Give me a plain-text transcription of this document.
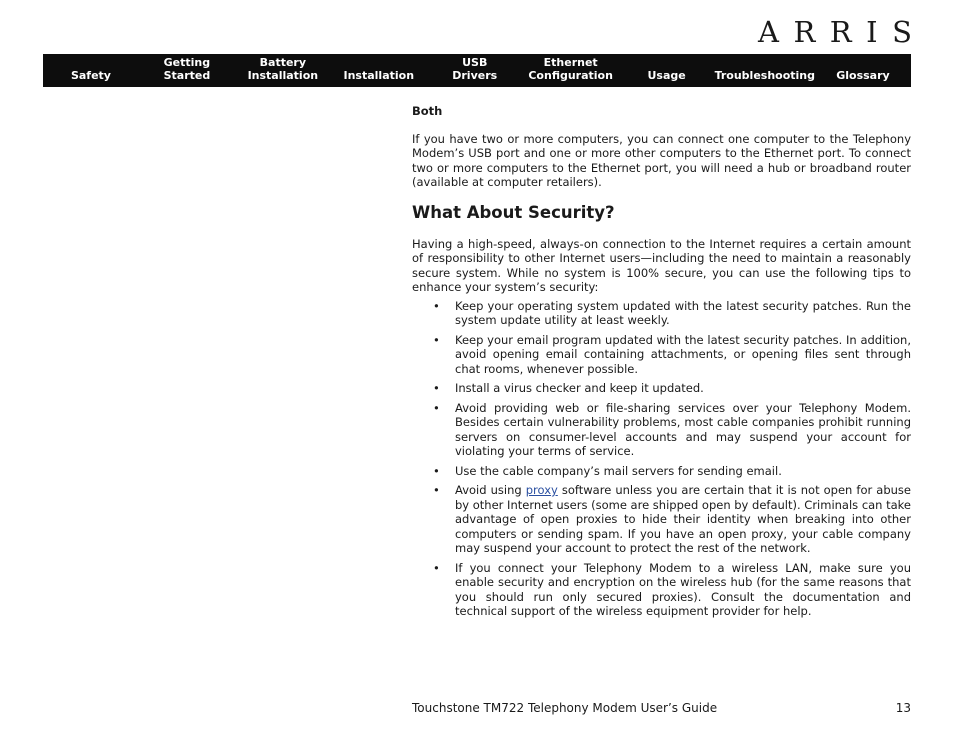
ARRIS
Safety
Getting
Started
Battery
Installation	Installation
USB
Drivers
Ethernet
Configuration	Usage	Troubleshooting	Glossary

Both

If you have two or more computers, you can connect one computer to the Telephony Modem’s USB port and one or more other computers to the Ethernet port. To connect two or more computers to the Ethernet port, you will need a hub or broadband router (available at computer retailers).

What About Security?

Having a high-speed, always-on connection to the Internet requires a certain amount of responsibility to other Internet users—including the need to maintain a reasonably secure system. While no system is 100% secure, you can use the following tips to enhance your system’s security:

• Keep your operating system updated with the latest security patches. Run the system update utility at least weekly.
• Keep your email program updated with the latest security patches. In addition, avoid opening email containing attachments, or opening files sent through chat rooms, whenever possible.
• Install a virus checker and keep it updated.
• Avoid providing web or file-sharing services over your Telephony Modem. Besides certain vulnerability problems, most cable companies prohibit running servers on consumer-level accounts and may suspend your account for violating your terms of service.
• Use the cable company’s mail servers for sending email.
• Avoid using proxy software unless you are certain that it is not open for abuse by other Internet users (some are shipped open by default). Criminals can take advantage of open proxies to hide their identity when breaking into other computers or sending spam. If you have an open proxy, your cable company may suspend your account to protect the rest of the network.
• If you connect your Telephony Modem to a wireless LAN, make sure you enable security and encryption on the wireless hub (for the same reasons that you should run only secured proxies). Consult the documentation and technical support of the wireless equipment provider for help.
Touchstone TM722 Telephony Modem User’s Guide	13
